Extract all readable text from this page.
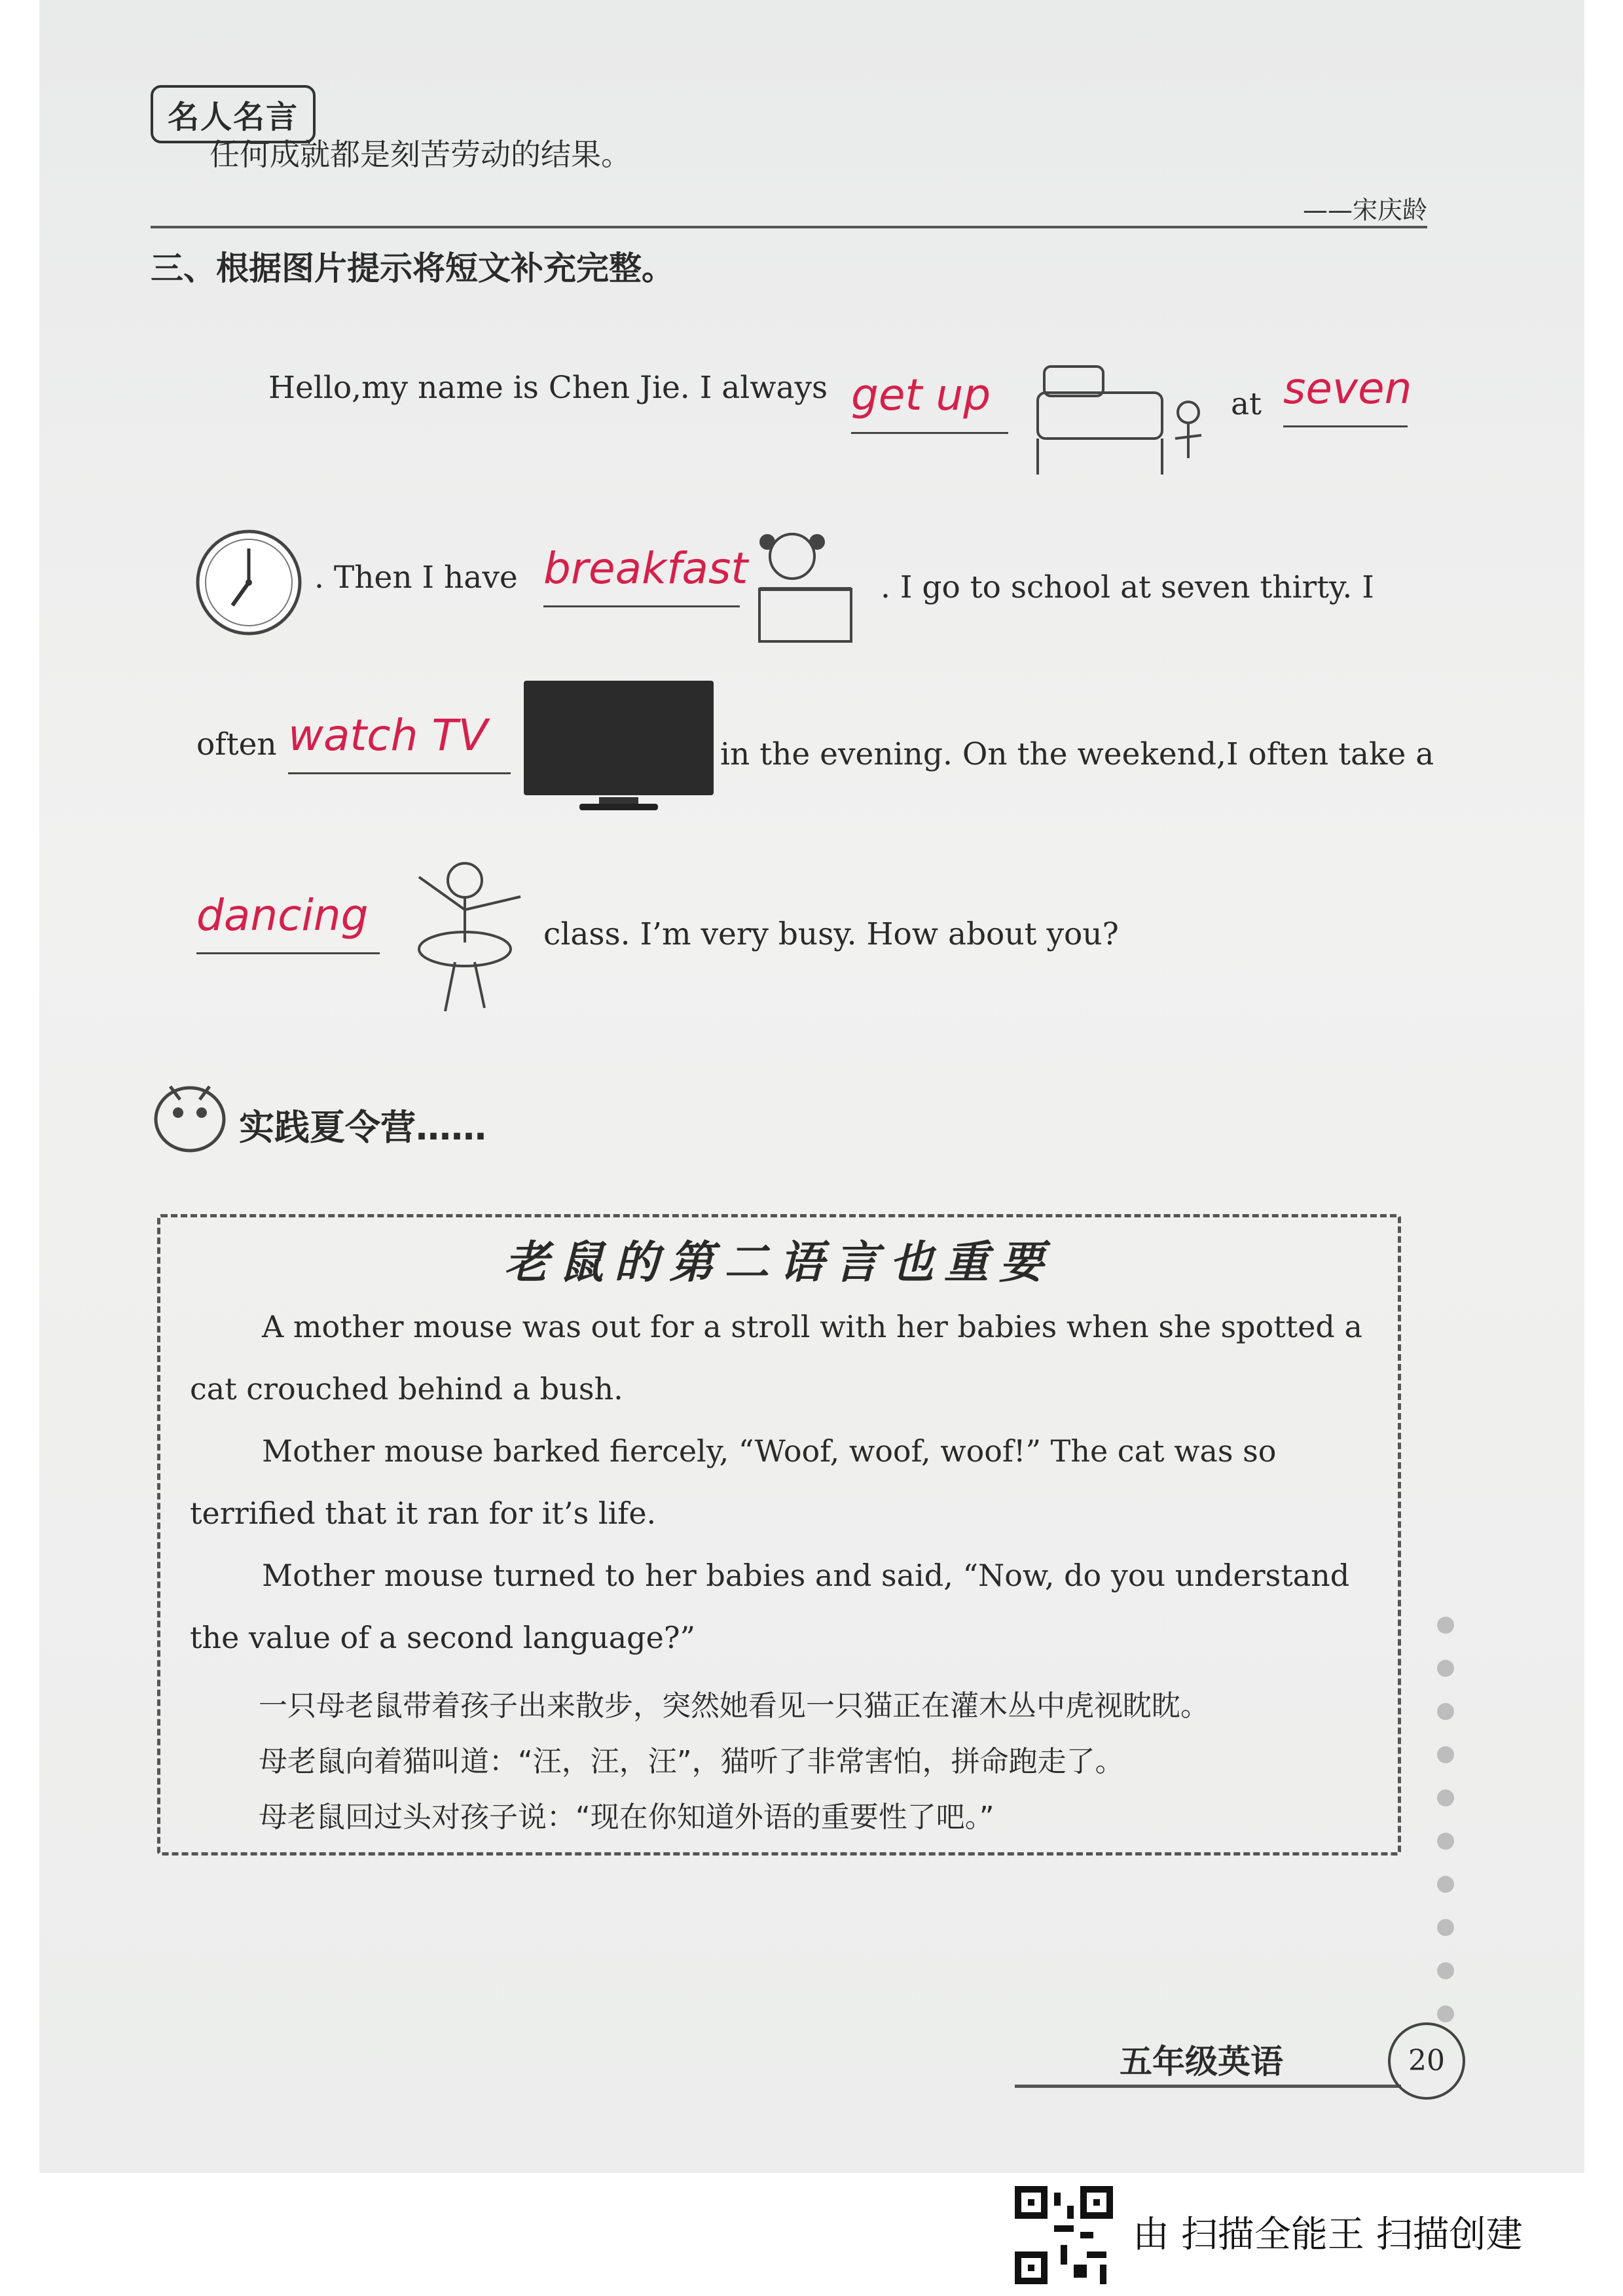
名人名言
任何成就都是刻苦劳动的结果。
——宋庆龄
三、根据图片提示将短文补充完整。
Hello,my name is Chen Jie. I always get up	at seven
. Then I have breakfast	. I go to school at seven thirty. I
often watch TV	in the evening. On the weekend,I often take a
dancing	class. I’m very busy. How about you?
实践夏令营……
老鼠的第二语言也重要
A mother mouse was out for a stroll with her babies when she spotted a
cat crouched behind a bush.
Mother mouse barked fiercely, “Woof, woof, woof!” The cat was so
terrified that it ran for it’s life.
Mother mouse turned to her babies and said, “Now, do you understand
the value of a second language?”
一只母老鼠带着孩子出来散步，突然她看见一只猫正在灌木丛中虎视眈眈。
母老鼠向着猫叫道：“汪，汪，汪”，猫听了非常害怕，拼命跑走了。
母老鼠回过头对孩子说：“现在你知道外语的重要性了吧。”
五年级英语	20
由 扫描全能王 扫描创建
